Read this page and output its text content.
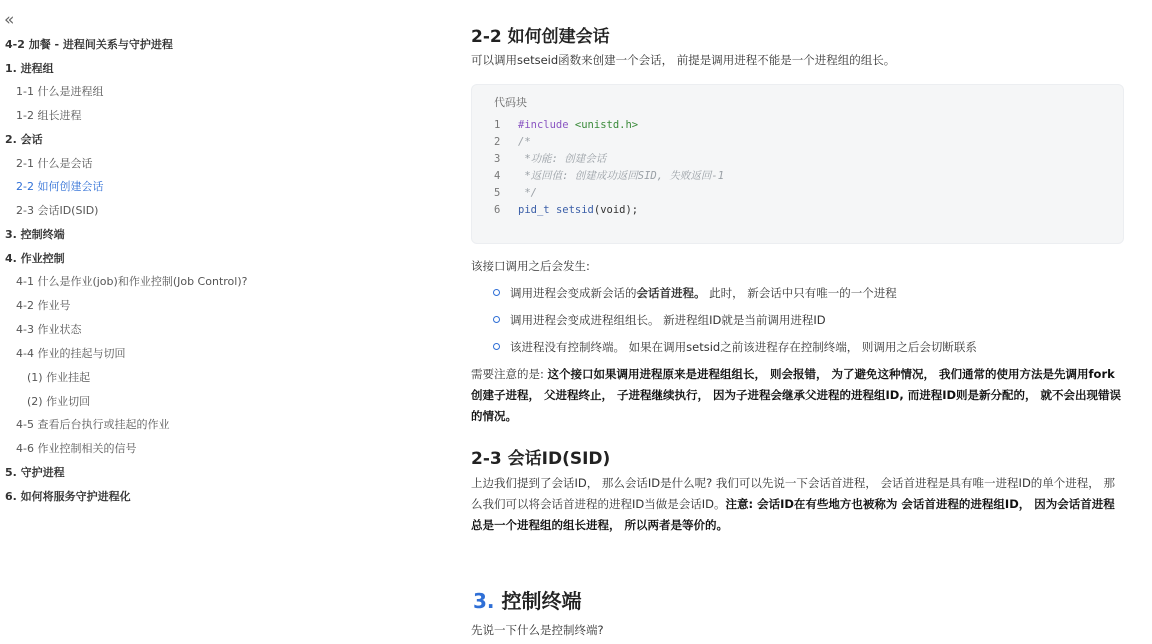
«
4-2 加餐 - 进程间关系与守护进程
1. 进程组
1-1 什么是进程组
1-2 组长进程
2. 会话
2-1 什么是会话
2-2 如何创建会话
2-3 会话ID(SID)
3. 控制终端
4. 作业控制
4-1 什么是作业(job)和作业控制(Job Control)?
4-2 作业号
4-3 作业状态
4-4 作业的挂起与切回
(1) 作业挂起
(2) 作业切回
4-5 查看后台执行或挂起的作业
4-6 作业控制相关的信号
5. 守护进程
6. 如何将服务守护进程化
2-2 如何创建会话
可以调用setseid函数来创建一个会话， 前提是调用进程不能是一个进程组的组长。
代码块
1 #include <unistd.h>
2 /*
3 *功能: 创建会话
4 *返回值: 创建成功返回SID, 失败返回-1
5 */
6 pid_t setsid(void);
该接口调用之后会发生:
调用进程会变成新会话的会话首进程。 此时， 新会话中只有唯一的一个进程
调用进程会变成进程组组长。 新进程组ID就是当前调用进程ID
该进程没有控制终端。 如果在调用setsid之前该进程存在控制终端， 则调用之后会切断联系
需要注意的是: 这个接口如果调用进程原来是进程组组长， 则会报错， 为了避免这种情况， 我们通常的使用方法是先调用fork创建子进程， 父进程终止， 子进程继续执行， 因为子进程会继承父进程的进程组ID, 而进程ID则是新分配的， 就不会出现错误的情况。
2-3 会话ID(SID)
上边我们提到了会话ID， 那么会话ID是什么呢? 我们可以先说一下会话首进程， 会话首进程是具有唯一进程ID的单个进程， 那么我们可以将会话首进程的进程ID当做是会话ID。注意: 会话ID在有些地方也被称为 会话首进程的进程组ID， 因为会话首进程总是一个进程组的组长进程， 所以两者是等价的。
3. 控制终端
先说一下什么是控制终端?
